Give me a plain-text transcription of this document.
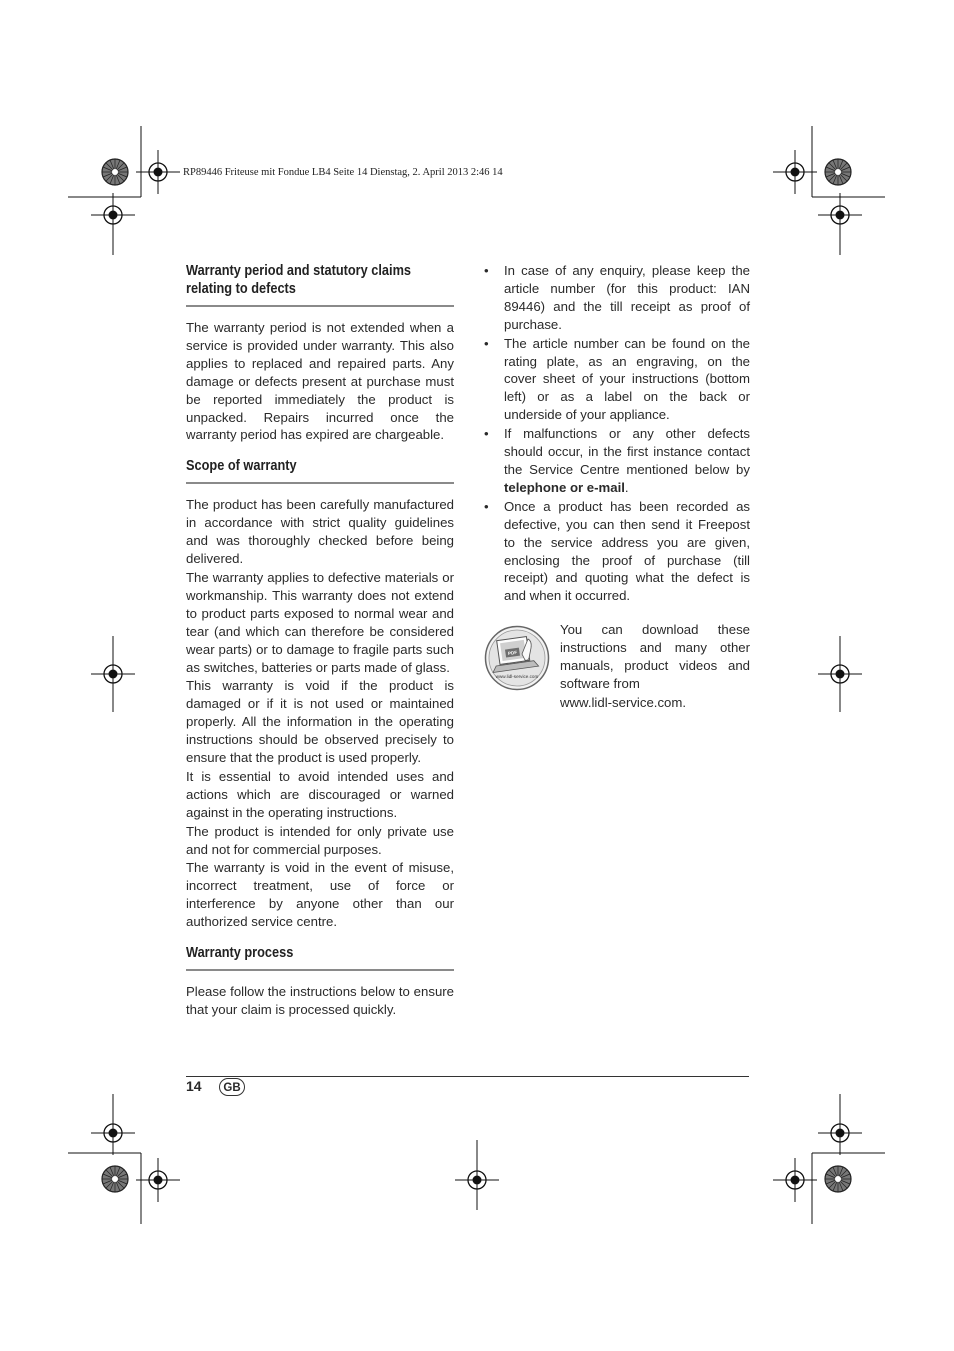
RP89446 Friteuse mit Fondue LB4 Seite 14 Dienstag, 2. April 2013 2:46 14
Warranty period and statutory claims relating to defects

The warranty period is not extended when a service is provided under warranty. This also applies to replaced and repaired parts. Any damage or defects present at purchase must be reported immediately the product is unpacked. Repairs incurred once the warranty period has expired are chargeable.

Scope of warranty

The product has been carefully manufactured in accordance with strict quality guidelines and was thoroughly checked before being delivered.

The warranty applies to defective materials or workmanship. This warranty does not extend to product parts exposed to normal wear and tear (and which can therefore be considered wear parts) or to damage to fragile parts such as switches, batteries or parts made of glass.

This warranty is void if the product is damaged or if it is not used or maintained properly. All the information in the operating instructions should be observed precisely to ensure that the product is used properly.

It is essential to avoid intended uses and actions which are discouraged or warned against in the operating instructions.

The product is intended for only private use and not for commercial purposes.

The warranty is void in the event of misuse, incorrect treatment, use of force or interference by anyone other than our authorized service centre.

Warranty process

Please follow the instructions below to ensure that your claim is processed quickly.

•	In case of any enquiry, please keep the article number (for this product: IAN 89446) and the till receipt as proof of purchase.
•	The article number can be found on the rating plate, as an engraving, on the cover sheet of your instructions (bottom left) or as a label on the back or underside of your appliance.
•	If malfunctions or any other defects should occur, in the first instance contact the Service Centre mentioned below by telephone or e-mail.
•	Once a product has been recorded as defective, you can then send it Freepost to the service address you are given, enclosing the proof of purchase (till receipt) and quoting what the defect is and when it occurred.
PDF
www.lidl-service.com

You can download these instructions and many other manuals, product videos and software from

www.lidl-service.com.

14	GB
